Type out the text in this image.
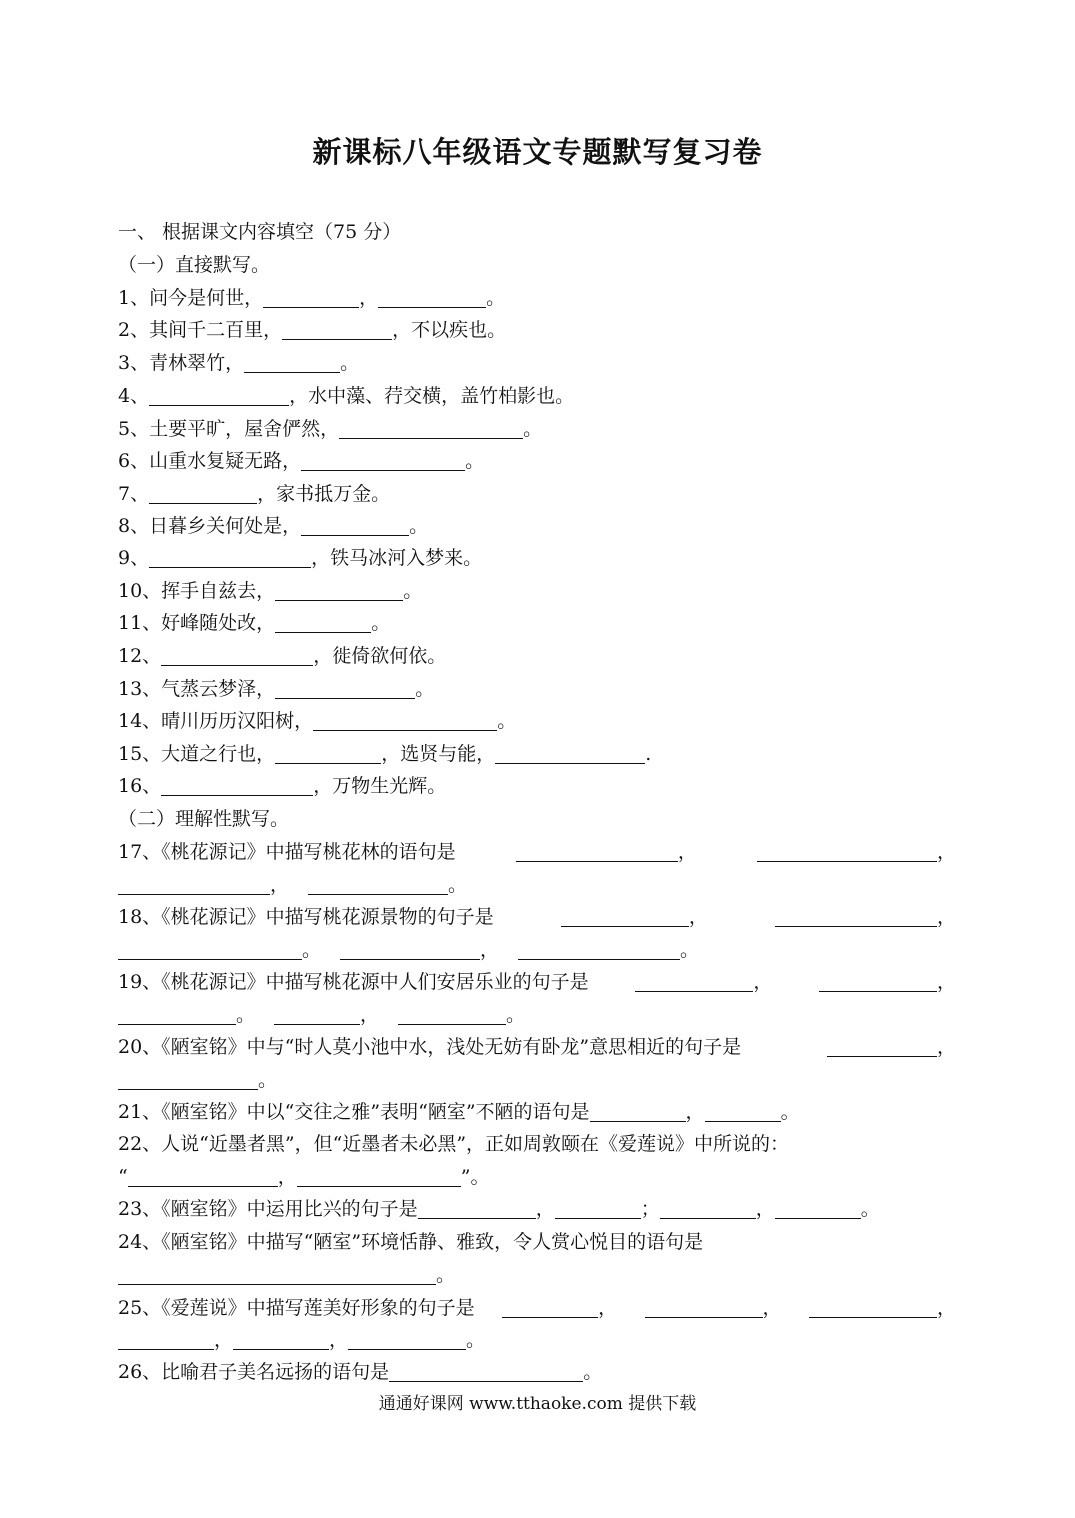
新课标八年级语文专题默写复习卷
一、 根据课文内容填空（75 分）
（一）直接默写。
1、问今是何世，	，	。
2、其间千二百里，	，不以疾也。
3、青林翠竹，	。
4、	，水中藻、荇交横，盖竹柏影也。
5、土要平旷，屋舍俨然，	。
6、山重水复疑无路，	。
7、	，家书抵万金。
8、日暮乡关何处是，	。
9、	，铁马冰河入梦来。
10、挥手自兹去，	。
11、好峰随处改，	。
12、	，徙倚欲何依。
13、气蒸云梦泽，	。
14、晴川历历汉阳树，	。
15、大道之行也，	，选贤与能，	.
16、	，万物生光辉。
（二）理解性默写。
17、《桃花源记》中描写桃花林的语句是	，	，
， 	。
18、《桃花源记》中描写桃花源景物的句子是	，	，
。 	， 	。
19、《桃花源记》中描写桃花源中人们安居乐业的句子是	，	，
。 	， 	。
20、《陋室铭》中与“时人莫小池中水，浅处无妨有卧龙”意思相近的句子是	，
。
21、《陋室铭》中以“交往之雅”表明“陋室”不陋的语句是	，	。
22、人说“近墨者黑”，但“近墨者未必黑”，正如周敦颐在《爱莲说》中所说的：
“	，	”。
23、《陋室铭》中运用比兴的句子是	，	；	，	。
24、《陋室铭》中描写“陋室”环境恬静、雅致，令人赏心悦目的语句是
。
25、《爱莲说》中描写莲美好形象的句子是	，	，	，
，	，	。
26、比喻君子美名远扬的语句是	。
通通好课网 www.tthaoke.com 提供下载
